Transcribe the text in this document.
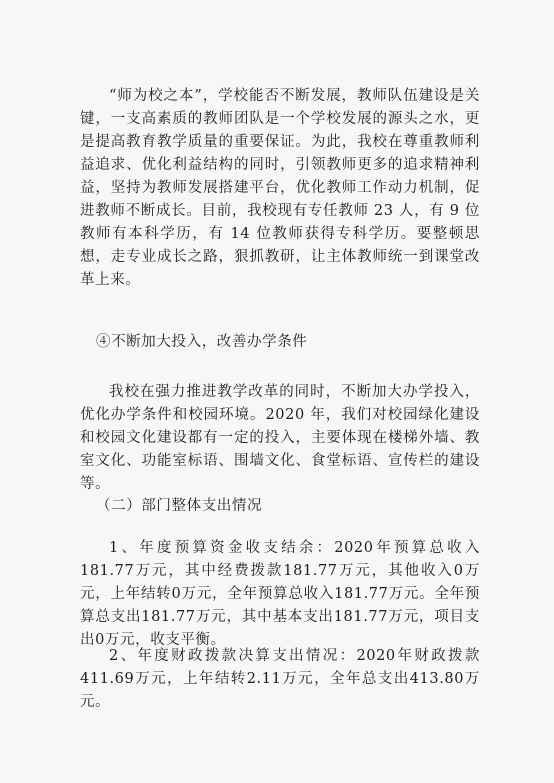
“师为校之本”，学校能否不断发展，教师队伍建设是关键，一支高素质的教师团队是一个学校发展的源头之水，更是提高教育教学质量的重要保证。为此，我校在尊重教师利益追求、优化利益结构的同时，引领教师更多的追求精神利益，坚持为教师发展搭建平台，优化教师工作动力机制，促进教师不断成长。目前，我校现有专任教师 23 人，有 9 位教师有本科学历，有 14 位教师获得专科学历。要整顿思想，走专业成长之路，狠抓教研，让主体教师统一到课堂改革上来。

④不断加大投入，改善办学条件

我校在强力推进教学改革的同时，不断加大办学投入，优化办学条件和校园环境。2020 年，我们对校园绿化建设和校园文化建设都有一定的投入，主要体现在楼梯外墙、教室文化、功能室标语、围墙文化、食堂标语、宣传栏的建设等。

（二）部门整体支出情况

1、年度预算资金收支结余：2020年预算总收入181.77万元，其中经费拨款181.77万元，其他收入0万元，上年结转0万元，全年预算总收入181.77万元。全年预算总支出181.77万元，其中基本支出181.77万元，项目支出0万元，收支平衡。

2、年度财政拨款决算支出情况：2020年财政拨款411.69万元，上年结转2.11万元，全年总支出413.80万元。
